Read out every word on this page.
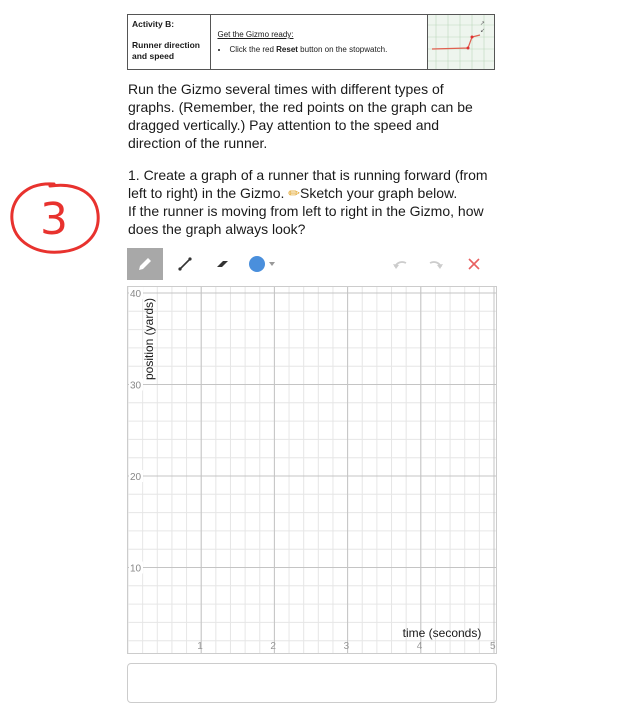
Activity B:
Runner direction and speed
Get the Gizmo ready:
• Click the red Reset button on the stopwatch.
↗
↙
Run the Gizmo several times with different types of graphs. (Remember, the red points on the graph can be dragged vertically.) Pay attention to the speed and direction of the runner.
1. Create a graph of a runner that is running forward (from left to right) in the Gizmo. ✏Sketch your graph below.
If the runner is moving from left to right in the Gizmo, how does the graph always look?
3
10
20
30
40
1	2	3	4	5
position (yards)
time (seconds)
